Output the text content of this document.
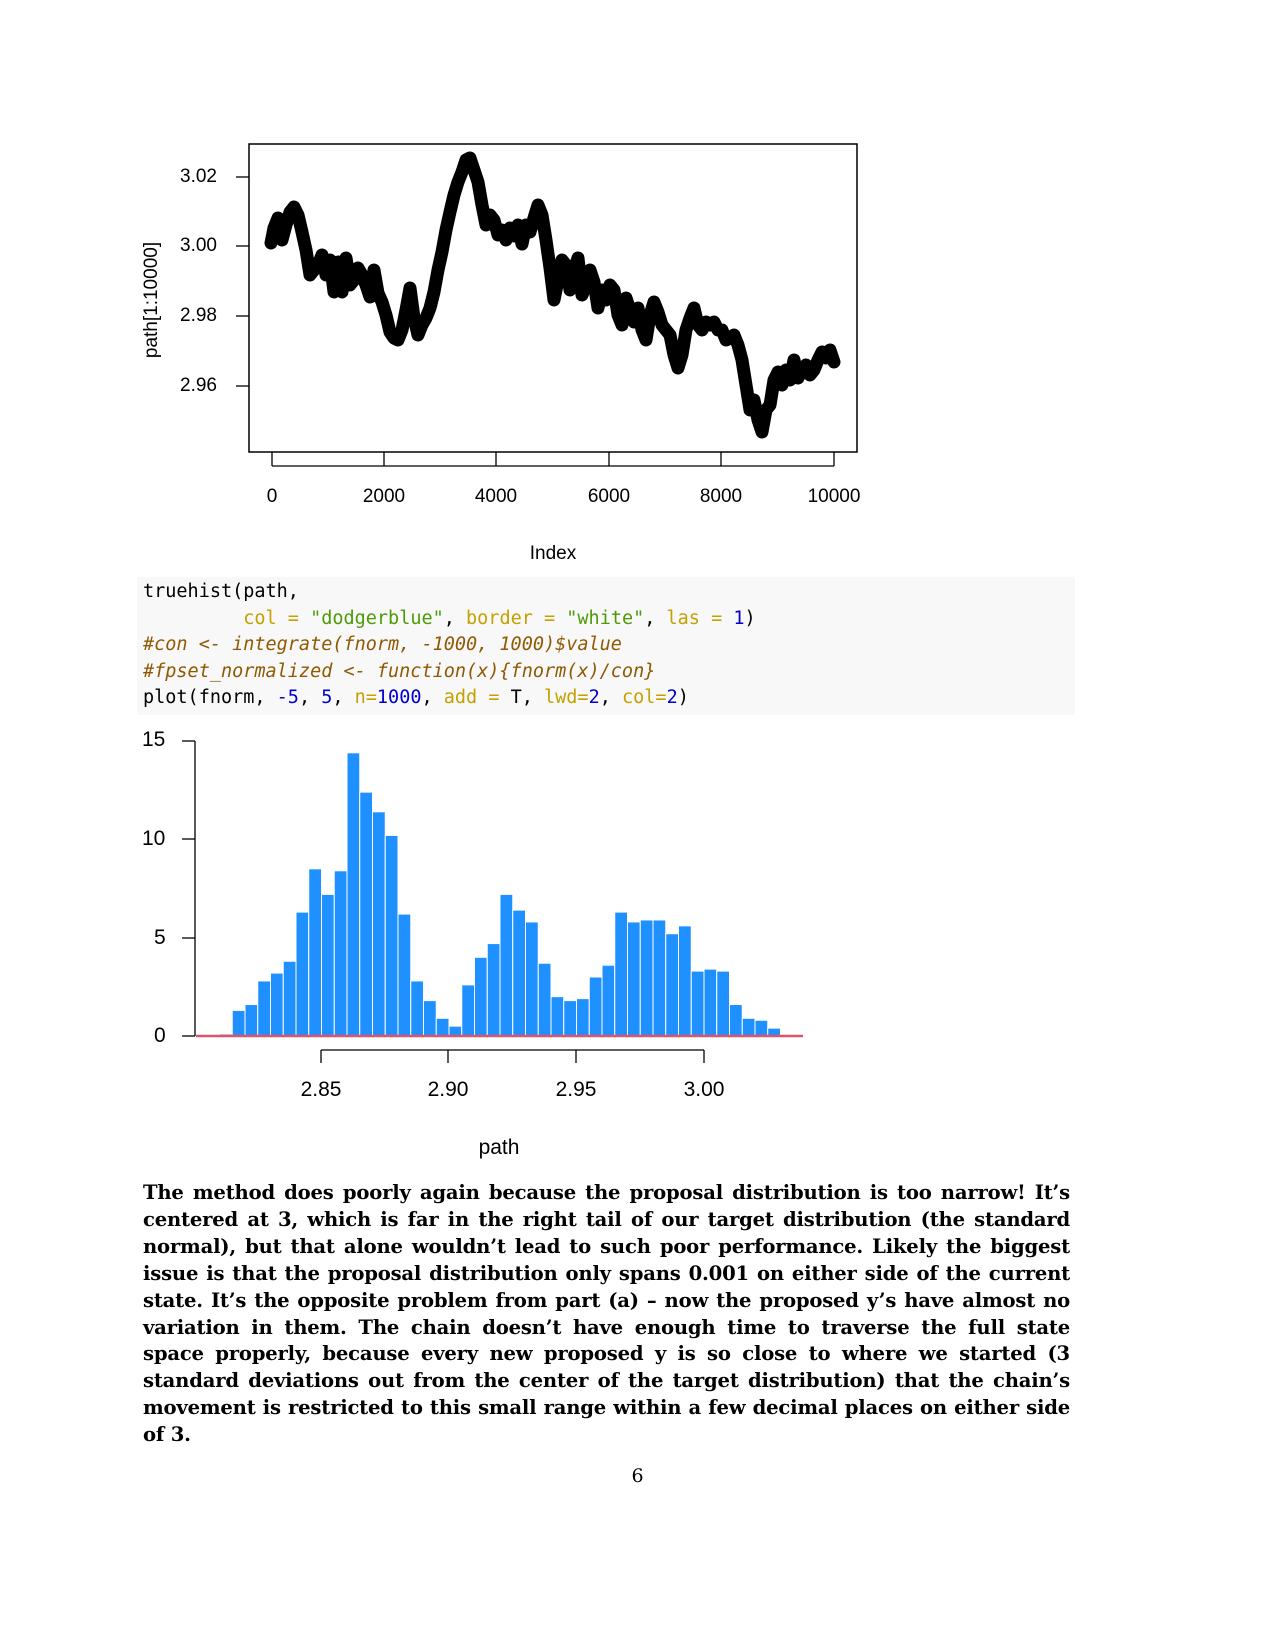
3.02
3.00
2.98
2.96
path[1:10000]
0	2000	4000	6000	8000	10000
Index
truehist(path,
col = "dodgerblue", border = "white", las = 1)
#con <- integrate(fnorm, -1000, 1000)$value
#fpset_normalized <- function(x){fnorm(x)/con}
plot(fnorm, -5, 5, n=1000, add = T, lwd=2, col=2)
15
10
5
0
2.85	2.90	2.95	3.00
path
The method does poorly again because the proposal distribution is too narrow! It’s centered at 3, which is far in the right tail of our target distribution (the standard normal), but that alone wouldn’t lead to such poor performance. Likely the biggest issue is that the proposal distribution only spans 0.001 on either side of the current state. It’s the opposite problem from part (a) – now the proposed y’s have almost no variation in them. The chain doesn’t have enough time to traverse the full state space properly, because every new proposed y is so close to where we started (3 standard deviations out from the center of the target distribution) that the chain’s movement is restricted to this small range within a few decimal places on either side of 3.
6
